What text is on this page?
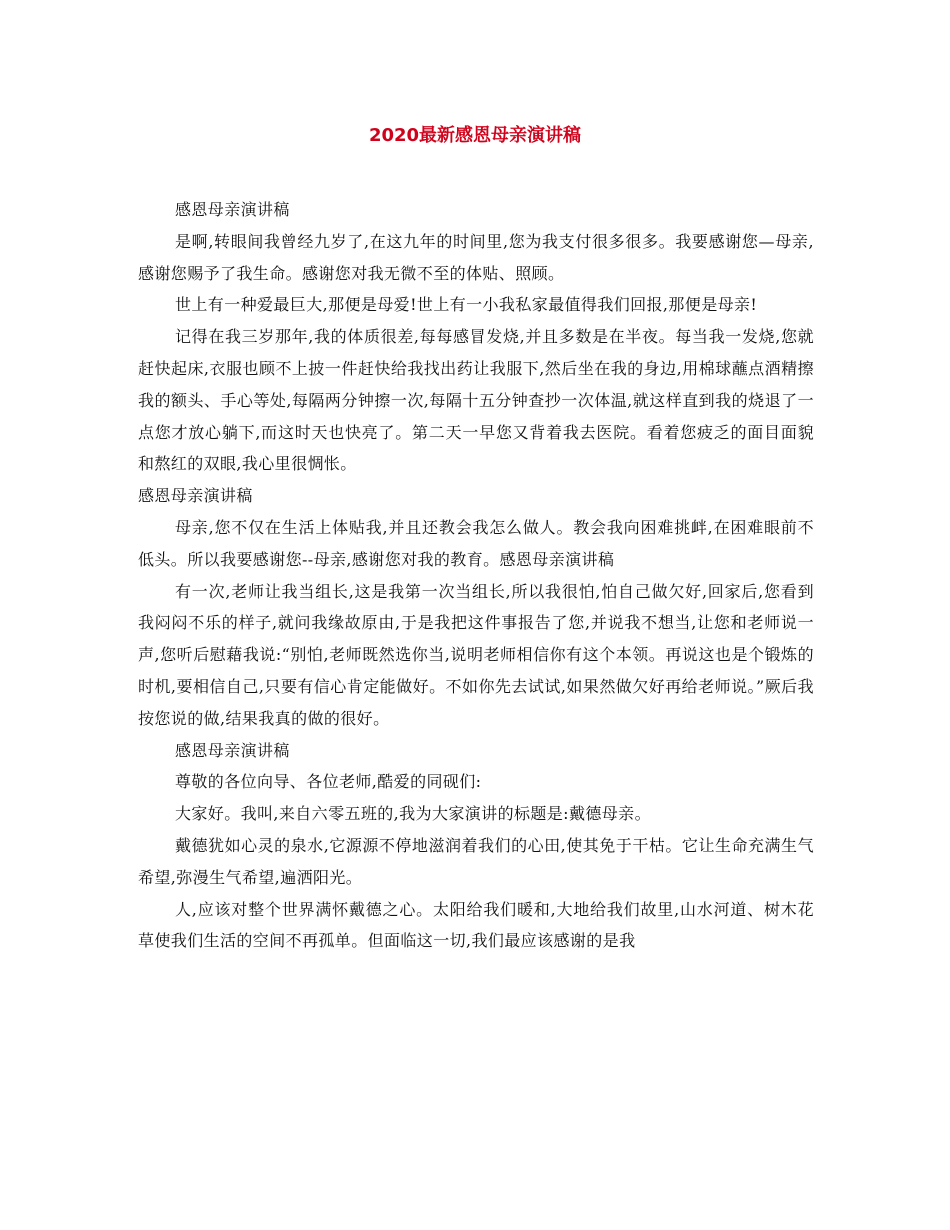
2020最新感恩母亲演讲稿

感恩母亲演讲稿

是啊,转眼间我曾经九岁了,在这九年的时间里,您为我支付很多很多。我要感谢您—母亲,感谢您赐予了我生命。感谢您对我无微不至的体贴、照顾。

世上有一种爱最巨大,那便是母爱!世上有一小我私家最值得我们回报,那便是母亲!

记得在我三岁那年,我的体质很差,每每感冒发烧,并且多数是在半夜。每当我一发烧,您就赶快起床,衣服也顾不上披一件赶快给我找出药让我服下,然后坐在我的身边,用棉球蘸点酒精擦我的额头、手心等处,每隔两分钟擦一次,每隔十五分钟查抄一次体温,就这样直到我的烧退了一点您才放心躺下,而这时天也快亮了。第二天一早您又背着我去医院。看着您疲乏的面目面貌和熬红的双眼,我心里很惆怅。

感恩母亲演讲稿

母亲,您不仅在生活上体贴我,并且还教会我怎么做人。教会我向困难挑衅,在困难眼前不低头。所以我要感谢您--母亲,感谢您对我的教育。感恩母亲演讲稿

有一次,老师让我当组长,这是我第一次当组长,所以我很怕,怕自己做欠好,回家后,您看到我闷闷不乐的样子,就问我缘故原由,于是我把这件事报告了您,并说我不想当,让您和老师说一声,您听后慰藉我说:“别怕,老师既然选你当,说明老师相信你有这个本领。再说这也是个锻炼的时机,要相信自己,只要有信心肯定能做好。不如你先去试试,如果然做欠好再给老师说。”厥后我按您说的做,结果我真的做的很好。

感恩母亲演讲稿

尊敬的各位向导、各位老师,酷爱的同砚们:

大家好。我叫,来自六零五班的,我为大家演讲的标题是:戴德母亲。

戴德犹如心灵的泉水,它源源不停地滋润着我们的心田,使其免于干枯。它让生命充满生气希望,弥漫生气希望,遍洒阳光。

人,应该对整个世界满怀戴德之心。太阳给我们暖和,大地给我们故里,山水河道、树木花草使我们生活的空间不再孤单。但面临这一切,我们最应该感谢的是我
